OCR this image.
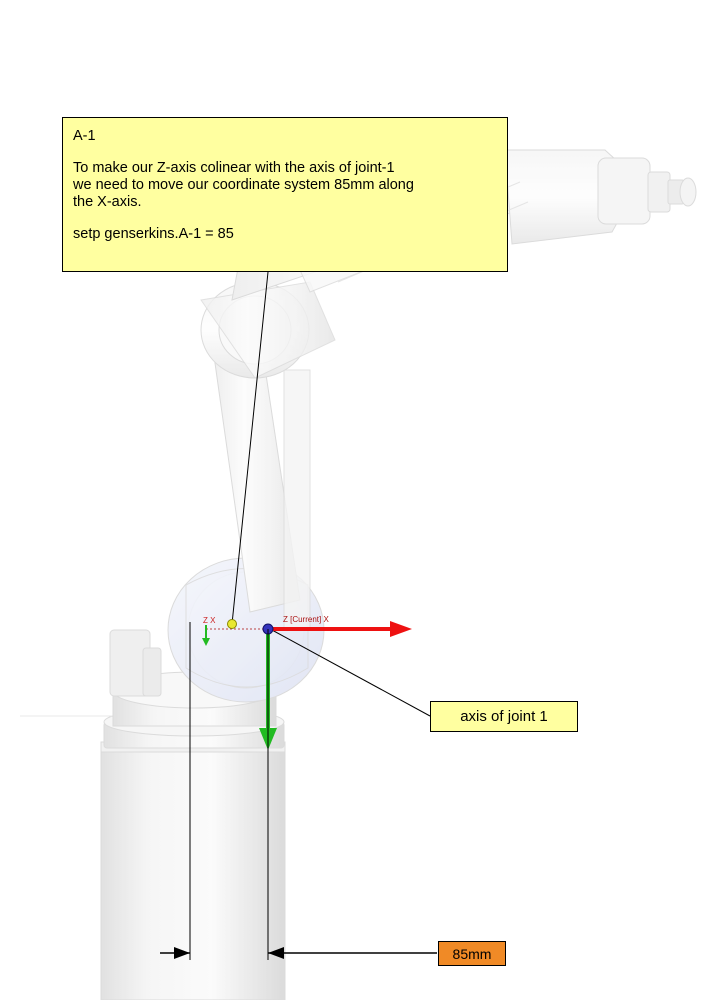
Z X	Z [Current] X
A-1
To make our Z-axis colinear with the axis of joint-1
we need to move our coordinate system 85mm along
the X-axis.
setp genserkins.A-1 = 85
axis of joint 1
85mm
